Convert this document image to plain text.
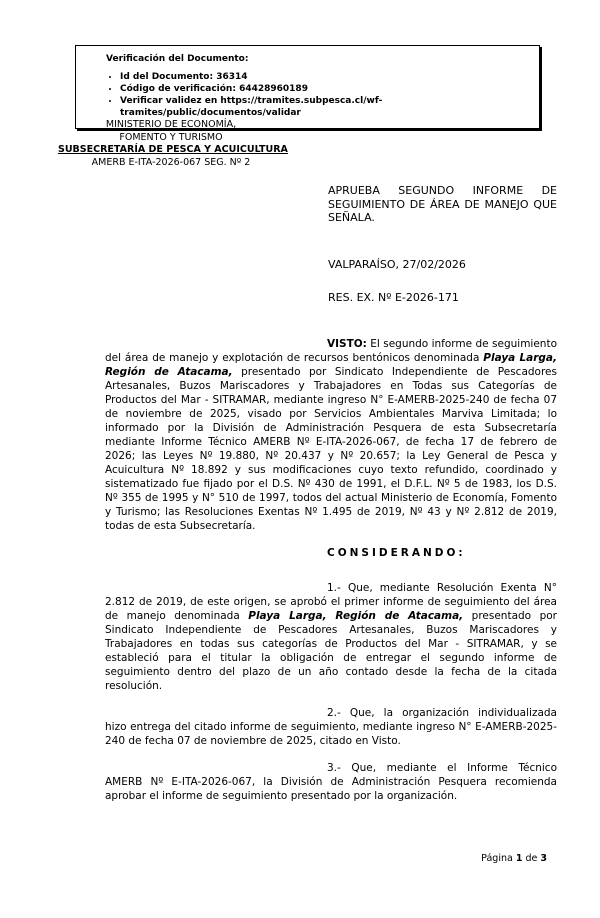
Verificación del Documento:
• Id del Documento: 36314
• Código de verificación: 64428960189
• Verificar validez en https://tramites.subpesca.cl/wf-tramites/public/documentos/validar
MINISTERIO DE ECONOMÍA,
FOMENTO Y TURISMO
SUBSECRETARÍA DE PESCA Y ACUICULTURA
AMERB E-ITA-2026-067 SEG. Nº 2
APRUEBA SEGUNDO INFORME DE SEGUIMIENTO DE ÁREA DE MANEJO QUE SEÑALA.
VALPARAÍSO, 27/02/2026
RES. EX. Nº E-2026-171

VISTO: El segundo informe de seguimiento del área de manejo y explotación de recursos bentónicos denominada Playa Larga, Región de Atacama, presentado por Sindicato Independiente de Pescadores Artesanales, Buzos Mariscadores y Trabajadores en Todas sus Categorías de Productos del Mar - SITRAMAR, mediante ingreso N° E-AMERB-2025-240 de fecha 07 de noviembre de 2025, visado por Servicios Ambientales Marviva Limitada; lo informado por la División de Administración Pesquera de esta Subsecretaría mediante Informe Técnico AMERB Nº E-ITA-2026-067, de fecha 17 de febrero de 2026; las Leyes Nº 19.880, Nº 20.437 y Nº 20.657; la Ley General de Pesca y Acuicultura Nº 18.892 y sus modificaciones cuyo texto refundido, coordinado y sistematizado fue fijado por el D.S. Nº 430 de 1991, el D.F.L. Nº 5 de 1983, los D.S. Nº 355 de 1995 y N° 510 de 1997, todos del actual Ministerio de Economía, Fomento y Turismo; las Resoluciones Exentas Nº 1.495 de 2019, Nº 43 y Nº 2.812 de 2019, todas de esta Subsecretaría.

CONSIDERANDO:

1.- Que, mediante Resolución Exenta N° 2.812 de 2019, de este origen, se aprobó el primer informe de seguimiento del área de manejo denominada Playa Larga, Región de Atacama, presentado por Sindicato Independiente de Pescadores Artesanales, Buzos Mariscadores y Trabajadores en todas sus categorías de Productos del Mar - SITRAMAR, y se estableció para el titular la obligación de entregar el segundo informe de seguimiento dentro del plazo de un año contado desde la fecha de la citada resolución.

2.- Que, la organización individualizada hizo entrega del citado informe de seguimiento, mediante ingreso N° E-AMERB-2025-240 de fecha 07 de noviembre de 2025, citado en Visto.

3.- Que, mediante el Informe Técnico AMERB Nº E-ITA-2026-067, la División de Administración Pesquera recomienda aprobar el informe de seguimiento presentado por la organización.

Página 1 de 3
